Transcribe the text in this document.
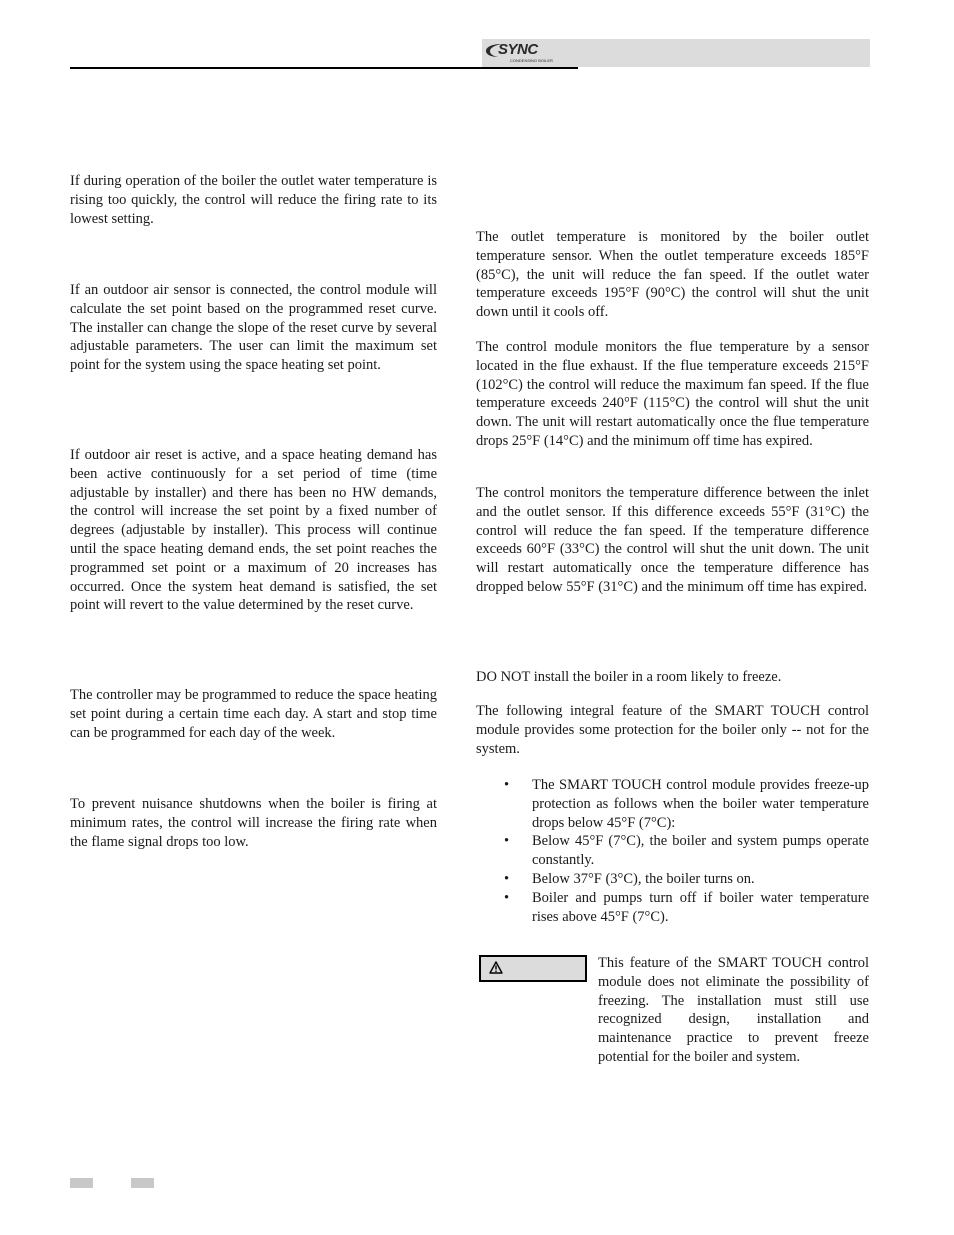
SYNC
CONDENSING BOILER

If during operation of the boiler the outlet water temperature is rising too quickly, the control will reduce the firing rate to its lowest setting.

If an outdoor air sensor is connected, the control module will calculate the set point based on the programmed reset curve. The installer can change the slope of the reset curve by several adjustable parameters. The user can limit the maximum set point for the system using the space heating set point.

If outdoor air reset is active, and a space heating demand has been active continuously for a set period of time (time adjustable by installer) and there has been no HW demands, the control will increase the set point by a fixed number of degrees (adjustable by installer). This process will continue until the space heating demand ends, the set point reaches the programmed set point or a maximum of 20 increases has occurred. Once the system heat demand is satisfied, the set point will revert to the value determined by the reset curve.

The controller may be programmed to reduce the space heating set point during a certain time each day. A start and stop time can be programmed for each day of the week.

To prevent nuisance shutdowns when the boiler is firing at minimum rates, the control will increase the firing rate when the flame signal drops too low.

The outlet temperature is monitored by the boiler outlet temperature sensor. When the outlet temperature exceeds 185°F (85°C), the unit will reduce the fan speed. If the outlet water temperature exceeds 195°F (90°C) the control will shut the unit down until it cools off.

The control module monitors the flue temperature by a sensor located in the flue exhaust. If the flue temperature exceeds 215°F (102°C) the control will reduce the maximum fan speed. If the flue temperature exceeds 240°F (115°C) the control will shut the unit down. The unit will restart automatically once the flue temperature drops 25°F (14°C) and the minimum off time has expired.

The control monitors the temperature difference between the inlet and the outlet sensor. If this difference exceeds 55°F (31°C) the control will reduce the fan speed. If the temperature difference exceeds 60°F (33°C) the control will shut the unit down. The unit will restart automatically once the temperature difference has dropped below 55°F (31°C) and the minimum off time has expired.

DO NOT install the boiler in a room likely to freeze.

The following integral feature of the SMART TOUCH control module provides some protection for the boiler only -- not for the system.

• The SMART TOUCH control module provides freeze-up protection as follows when the boiler water temperature drops below 45°F (7°C):
• Below 45°F (7°C), the boiler and system pumps operate constantly.
• Below 37°F (3°C), the boiler turns on.
• Boiler and pumps turn off if boiler water temperature rises above 45°F (7°C).

This feature of the SMART TOUCH control module does not eliminate the possibility of freezing. The installation must still use recognized design, installation and maintenance practice to prevent freeze potential for the boiler and system.
